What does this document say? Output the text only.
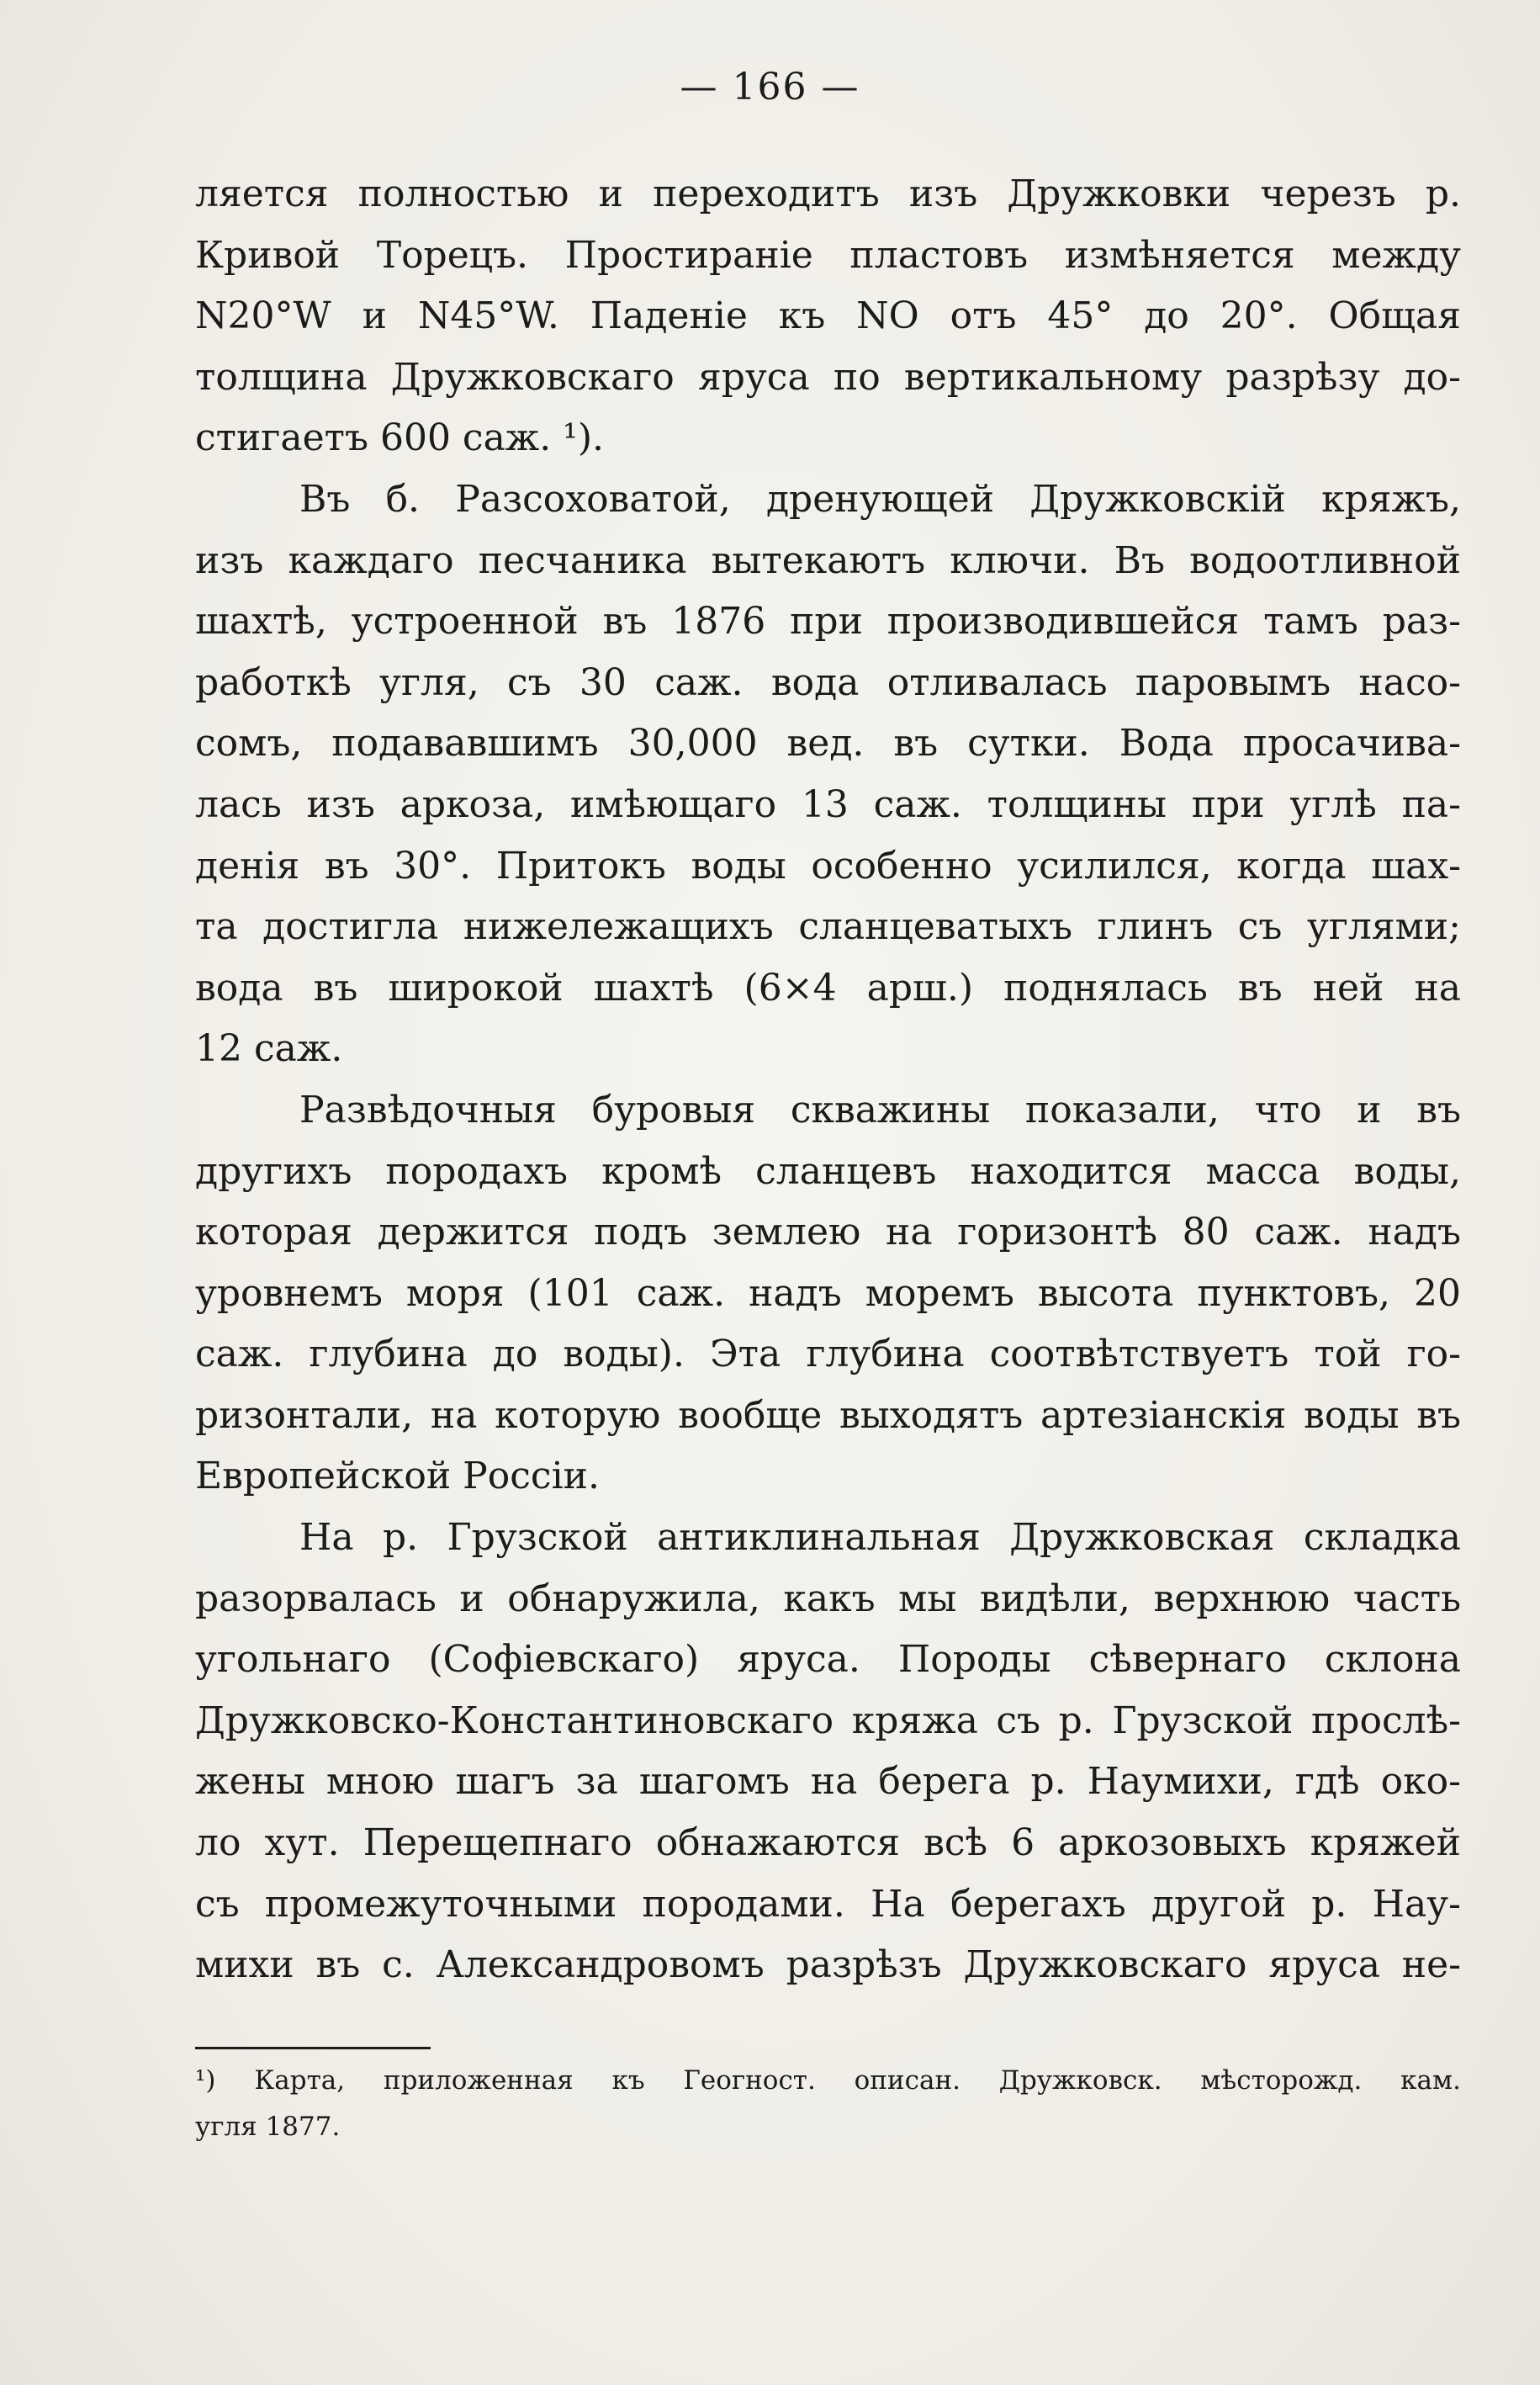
— 166 —
ляется полностью и переходитъ изъ Дружковки черезъ р.
Кривой Торецъ. Простираніе пластовъ измѣняется между
N20°W и N45°W. Паденіе къ NO отъ 45° до 20°. Общая
толщина Дружковскаго яруса по вертикальному разрѣзу до-
стигаетъ 600 саж. ¹).
Въ б. Разсоховатой, дренующей Дружковскій кряжъ,
изъ каждаго песчаника вытекаютъ ключи. Въ водоотливной
шахтѣ, устроенной въ 1876 при производившейся тамъ раз-
работкѣ угля, съ 30 саж. вода отливалась паровымъ насо-
сомъ, подававшимъ 30,000 вед. въ сутки. Вода просачива-
лась изъ аркоза, имѣющаго 13 саж. толщины при углѣ па-
денія въ 30°. Притокъ воды особенно усилился, когда шах-
та достигла нижележащихъ сланцеватыхъ глинъ съ углями;
вода въ широкой шахтѣ (6×4 арш.) поднялась въ ней на
12 саж.
Развѣдочныя буровыя скважины показали, что и въ
другихъ породахъ кромѣ сланцевъ находится масса воды,
которая держится подъ землею на горизонтѣ 80 саж. надъ
уровнемъ моря (101 саж. надъ моремъ высота пунктовъ, 20
саж. глубина до воды). Эта глубина соотвѣтствуетъ той го-
ризонтали, на которую вообще выходятъ артезіанскія воды въ
Европейской Россіи.
На р. Грузской антиклинальная Дружковская складка
разорвалась и обнаружила, какъ мы видѣли, верхнюю часть
угольнаго (Софіевскаго) яруса. Породы сѣвернаго склона
Дружковско-Константиновскаго кряжа съ р. Грузской прослѣ-
жены мною шагъ за шагомъ на берега р. Наумихи, гдѣ око-
ло хут. Перещепнаго обнажаются всѣ 6 аркозовыхъ кряжей
съ промежуточными породами. На берегахъ другой р. Нау-
михи въ с. Александровомъ разрѣзъ Дружковскаго яруса не-
¹) Карта, приложенная къ Геогност. описан. Дружковск. мѣсторожд. кам.
угля 1877.
